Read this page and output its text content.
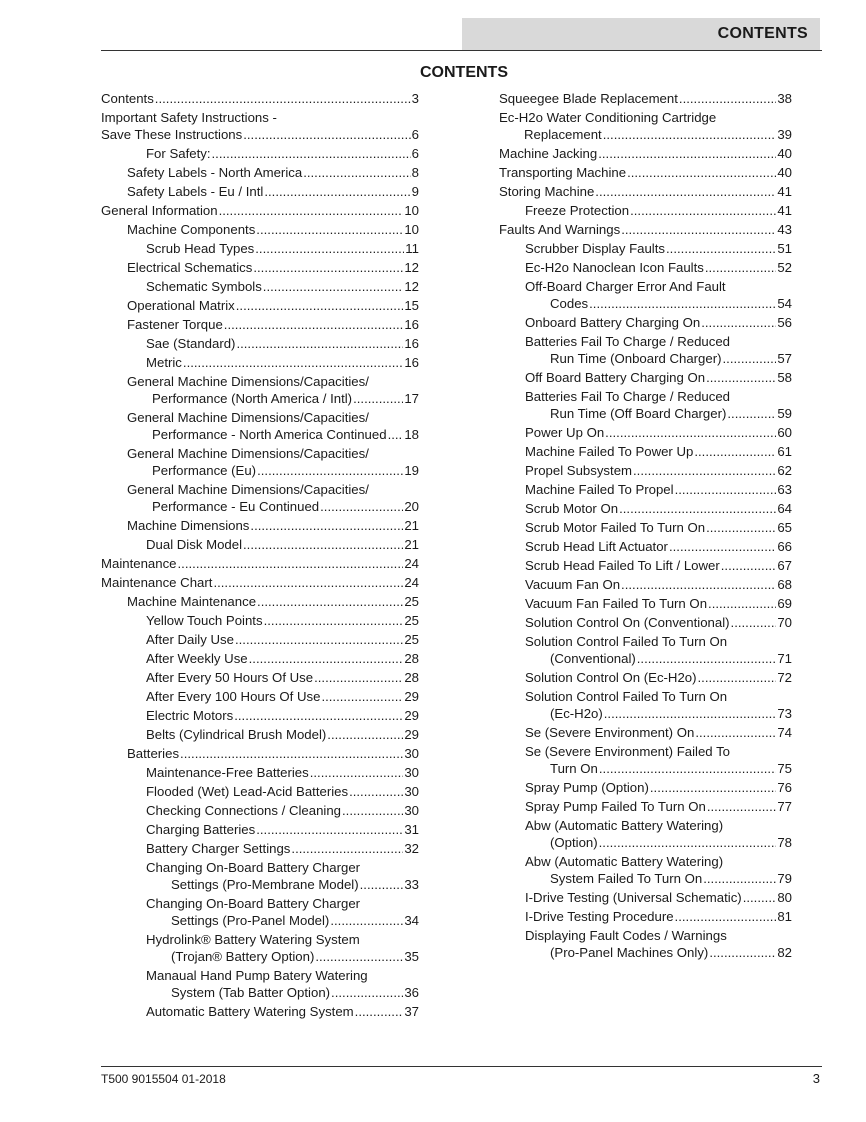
CONTENTS
CONTENTS
Contents .....	3
Important Safety Instructions -
Save These Instructions .....	6
For Safety: .....	6
Safety Labels - North America .....	8
Safety Labels - Eu / Intl .....	9
General Information .....	10
Machine Components .....	10
Scrub Head Types .....	11
Electrical Schematics .....	12
Schematic Symbols .....	12
Operational Matrix .....	15
Fastener Torque .....	16
Sae (Standard) .....	16
Metric .....	16
General Machine Dimensions/Capacities/
Performance (North America / Intl) .....	17
General Machine Dimensions/Capacities/
Performance - North America Continued ..... 18
General Machine Dimensions/Capacities/
Performance (Eu) .....	19
General Machine Dimensions/Capacities/
Performance - Eu Continued .....	20
Machine Dimensions .....	21
Dual Disk Model .....	21
Maintenance .....	24
Maintenance Chart .....	24
Machine Maintenance .....	25
Yellow Touch Points .....	25
After Daily Use .....	25
After Weekly Use .....	28
After Every 50 Hours Of Use .....	28
After Every 100 Hours Of Use .....	29
Electric Motors .....	29
Belts (Cylindrical Brush Model) .....	29
Batteries .....	30
Maintenance-Free Batteries .....	30
Flooded (Wet) Lead-Acid Batteries .....	30
Checking Connections / Cleaning .....	30
Charging Batteries .....	31
Battery Charger Settings .....	32
Changing On-Board Battery Charger
Settings (Pro-Membrane Model) .....	33
Changing On-Board Battery Charger
Settings (Pro-Panel Model) .....	34
Hydrolink® Battery Watering System
(Trojan® Battery Option) .....	35
Manaual Hand Pump Batery Watering
System (Tab Batter Option) .....	36
Automatic Battery Watering System .....	37
Squeegee Blade Replacement .....	38
Ec-H2o Water Conditioning Cartridge
Replacement .....	39
Machine Jacking .....	40
Transporting Machine .....	40
Storing Machine .....	41
Freeze Protection .....	41
Faults And Warnings .....	43
Scrubber Display Faults .....	51
Ec-H2o Nanoclean Icon Faults .....	52
Off-Board Charger Error And Fault
Codes .....	54
Onboard Battery Charging On .....	56
Batteries Fail To Charge / Reduced
Run Time (Onboard Charger) .....	57
Off Board Battery Charging On .....	58
Batteries Fail To Charge / Reduced
Run Time (Off Board Charger) .....	59
Power Up On .....	60
Machine Failed To Power Up .....	61
Propel Subsystem .....	62
Machine Failed To Propel .....	63
Scrub Motor On .....	64
Scrub Motor Failed To Turn On .....	65
Scrub Head Lift Actuator .....	66
Scrub Head Failed To Lift / Lower .....	67
Vacuum Fan On .....	68
Vacuum Fan Failed To Turn On .....	69
Solution Control On (Conventional) .....	70
Solution Control Failed To Turn On
(Conventional) .....	71
Solution Control On (Ec-H2o) .....	72
Solution Control Failed To Turn On
(Ec-H2o) .....	73
Se (Severe Environment) On .....	74
Se (Severe Environment) Failed To
Turn On .....	75
Spray Pump (Option) .....	76
Spray Pump Failed To Turn On .....	77
Abw (Automatic Battery Watering)
(Option) .....	78
Abw (Automatic Battery Watering)
System Failed To Turn On .....	79
I-Drive Testing (Universal Schematic) .....	80
I-Drive Testing Procedure .....	81
Displaying Fault Codes / Warnings
(Pro-Panel Machines Only) .....	82
T500 9015504 01-2018	3
